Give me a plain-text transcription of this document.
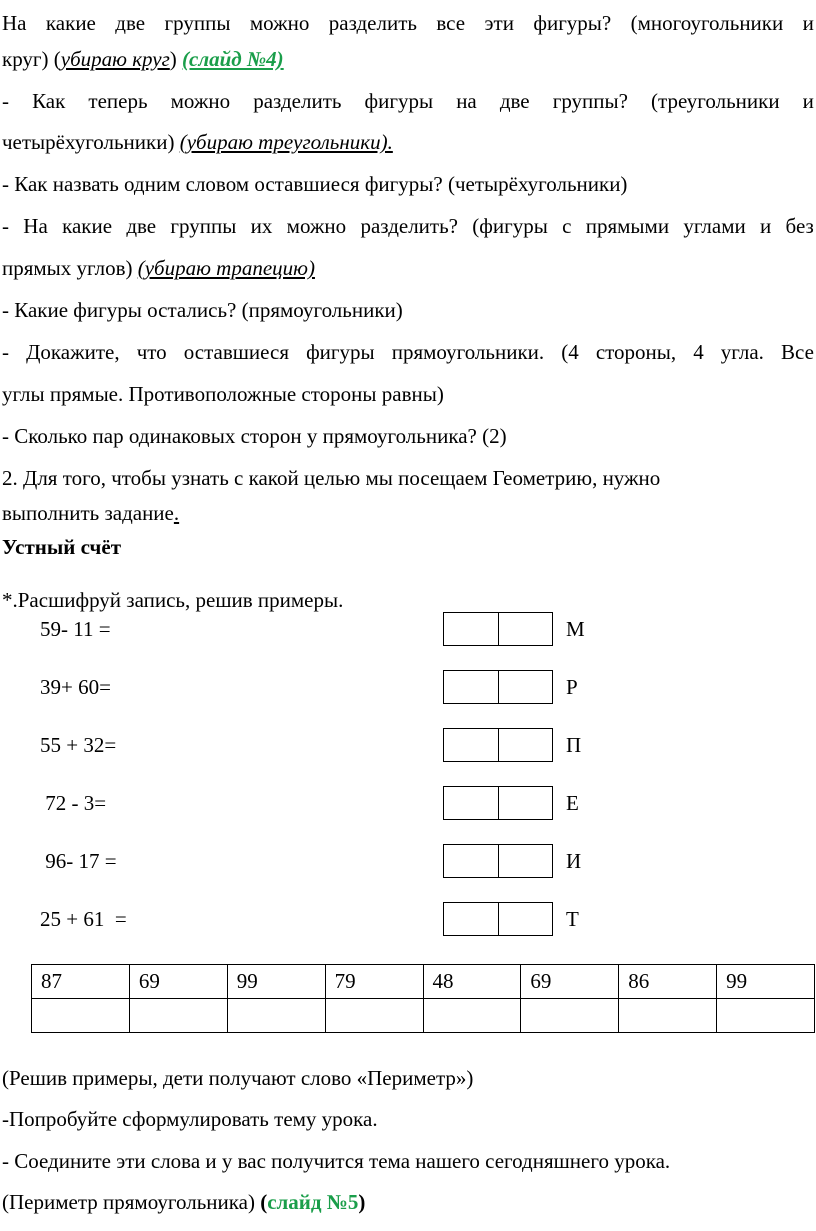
На какие две группы можно разделить все эти фигуры? (многоугольники и
круг) (убираю круг) (слайд №4)
- Как теперь можно разделить фигуры на две группы? (треугольники и
четырёхугольники) (убираю треугольники).
- Как назвать одним словом оставшиеся фигуры? (четырёхугольники)
- На какие две группы их можно разделить? (фигуры с прямыми углами и без
прямых углов) (убираю трапецию)
- Какие фигуры остались? (прямоугольники)
- Докажите, что оставшиеся фигуры прямоугольники. (4 стороны, 4 угла. Все
углы прямые. Противоположные стороны равны)
- Сколько пар одинаковых сторон у прямоугольника? (2)
2. Для того, чтобы узнать с какой целью мы посещаем Геометрию, нужно
выполнить задание.
Устный счёт
*.Расшифруй запись, решив примеры.
59- 11 =	М
39+ 60=	Р
55 + 32=	П
72 - 3=	Е
96- 17 =	И
25 + 61  =	Т
87	69	99	79	48	69	86	99

(Решив примеры, дети получают слово «Периметр»)
-Попробуйте сформулировать тему урока.
- Соедините эти слова и у вас получится тема нашего сегодняшнего урока.
(Периметр прямоугольника) (слайд №5)
